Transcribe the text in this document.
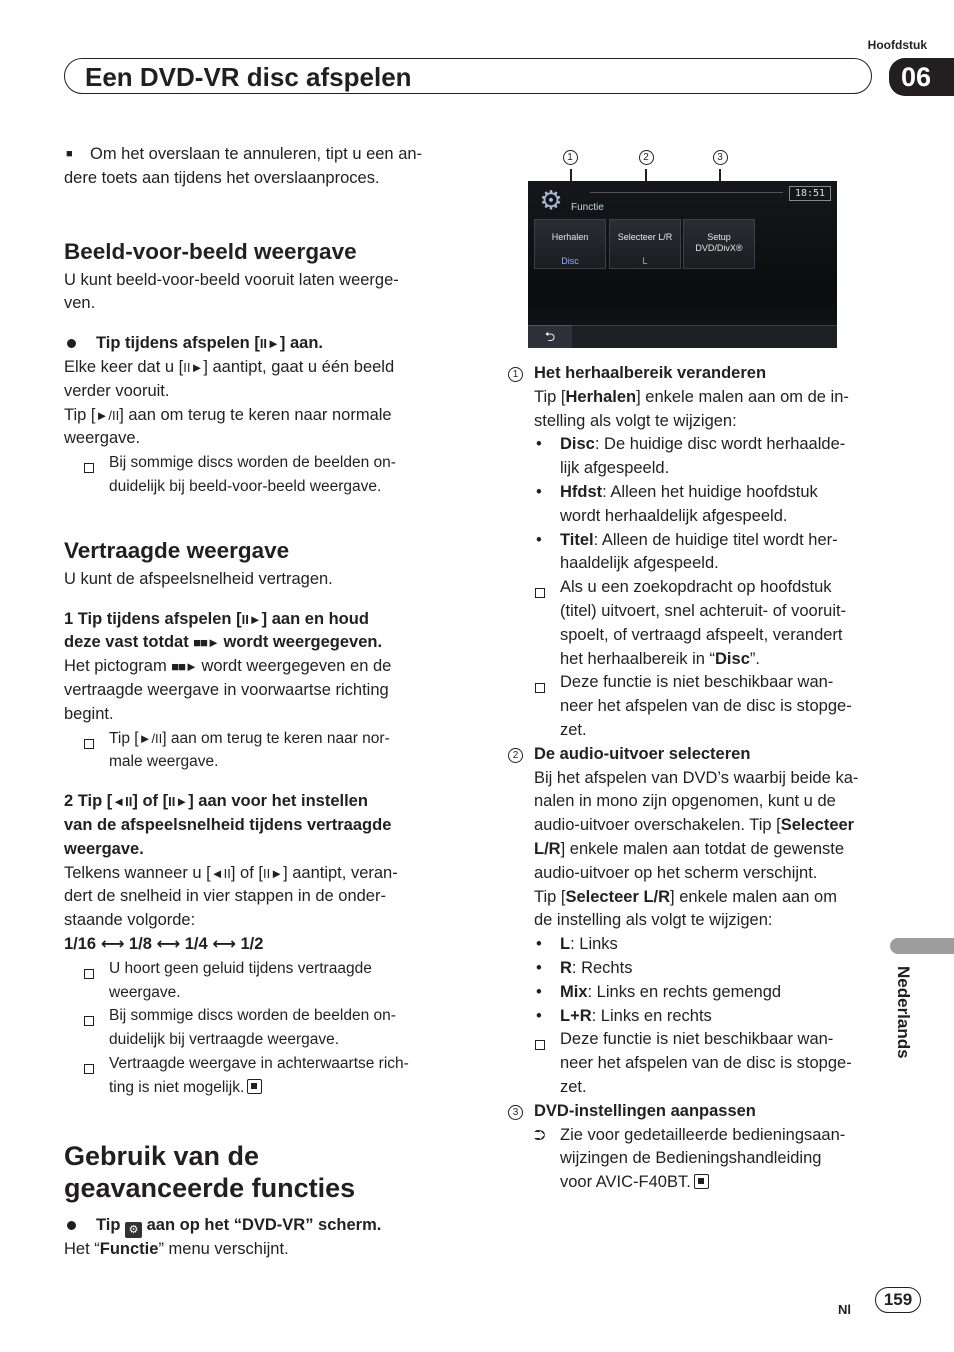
Hoofdstuk
Een DVD-VR disc afspelen	06
■ Om het overslaan te annuleren, tipt u een an-
dere toets aan tijdens het overslaanproces.
Beeld-voor-beeld weergave
U kunt beeld-voor-beeld vooruit laten weerge-
ven.
Tip tijdens afspelen [II►] aan.
Elke keer dat u [II►] aantipt, gaat u één beeld
verder vooruit.
Tip [►/II] aan om terug te keren naar normale
weergave.
Bij sommige discs worden de beelden on-
duidelijk bij beeld-voor-beeld weergave.
Vertraagde weergave
U kunt de afspeelsnelheid vertragen.
1 Tip tijdens afspelen [II►] aan en houd
deze vast totdat ■■► wordt weergegeven.
Het pictogram ■■► wordt weergegeven en de
vertraagde weergave in voorwaartse richting
begint.
Tip [►/II] aan om terug te keren naar nor-
male weergave.
2 Tip [◄II] of [II►] aan voor het instellen
van de afspeelsnelheid tijdens vertraagde
weergave.
Telkens wanneer u [◄II] of [II►] aantipt, veran-
dert de snelheid in vier stappen in de onder-
staande volgorde:
1/16 ⟷ 1/8 ⟷ 1/4 ⟷ 1/2
U hoort geen geluid tijdens vertraagde
weergave.
Bij sommige discs worden de beelden on-
duidelijk bij vertraagde weergave.
Vertraagde weergave in achterwaartse rich-
ting is niet mogelijk.
Gebruik van de
geavanceerde functies
Tip ⚙ aan op het “DVD-VR” scherm.
Het “Functie” menu verschijnt.
1	2	3
⚙	18:51
Functie
Herhalen
Disc
Selecteer L/R
L
Setup DVD/DivX®
⮌
1 Het herhaalbereik veranderen
Tip [Herhalen] enkele malen aan om de in-
stelling als volgt te wijzigen:
• Disc: De huidige disc wordt herhaalde-
lijk afgespeeld.
• Hfdst: Alleen het huidige hoofdstuk
wordt herhaaldelijk afgespeeld.
• Titel: Alleen de huidige titel wordt her-
haaldelijk afgespeeld.
Als u een zoekopdracht op hoofdstuk
(titel) uitvoert, snel achteruit- of vooruit-
spoelt, of vertraagd afspeelt, verandert
het herhaalbereik in “Disc”.
Deze functie is niet beschikbaar wan-
neer het afspelen van de disc is stopge-
zet.
2 De audio-uitvoer selecteren
Bij het afspelen van DVD’s waarbij beide ka-
nalen in mono zijn opgenomen, kunt u de
audio-uitvoer overschakelen. Tip [Selecteer
L/R] enkele malen aan totdat de gewenste
audio-uitvoer op het scherm verschijnt.
Tip [Selecteer L/R] enkele malen aan om
de instelling als volgt te wijzigen:
• L: Links
• R: Rechts
• Mix: Links en rechts gemengd
• L+R: Links en rechts
Deze functie is niet beschikbaar wan-
neer het afspelen van de disc is stopge-
zet.
3 DVD-instellingen aanpassen
⮊ Zie voor gedetailleerde bedieningsaan-
wijzingen de Bedieningshandleiding
voor AVIC-F40BT.
Nederlands
Nl
159
